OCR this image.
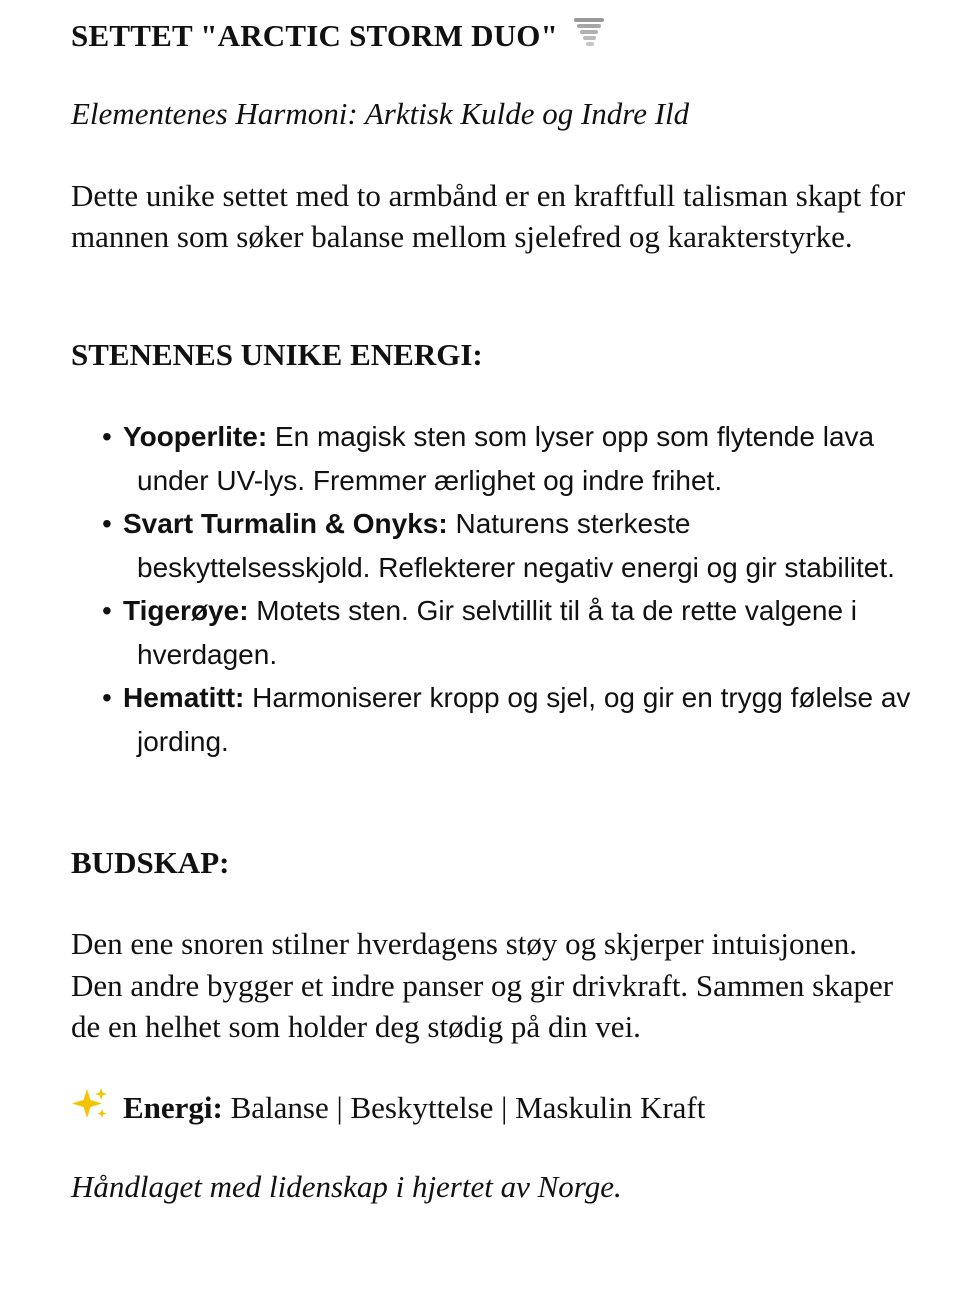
SETTET "ARCTIC STORM DUO"
Elementenes Harmoni: Arktisk Kulde og Indre Ild
Dette unike settet med to armbånd er en kraftfull talisman skapt for mannen som søker balanse mellom sjelefred og karakterstyrke.
STENENES UNIKE ENERGI:
• Yooperlite: En magisk sten som lyser opp som flytende lava under UV-lys. Fremmer ærlighet og indre frihet.
• Svart Turmalin & Onyks: Naturens sterkeste beskyttelsesskjold. Reflekterer negativ energi og gir stabilitet.
• Tigerøye: Motets sten. Gir selvtillit til å ta de rette valgene i hverdagen.
• Hematitt: Harmoniserer kropp og sjel, og gir en trygg følelse av jording.
BUDSKAP:
Den ene snoren stilner hverdagens støy og skjerper intuisjonen. Den andre bygger et indre panser og gir drivkraft. Sammen skaper de en helhet som holder deg stødig på din vei.
Energi: Balanse | Beskyttelse | Maskulin Kraft
Håndlaget med lidenskap i hjertet av Norge.
